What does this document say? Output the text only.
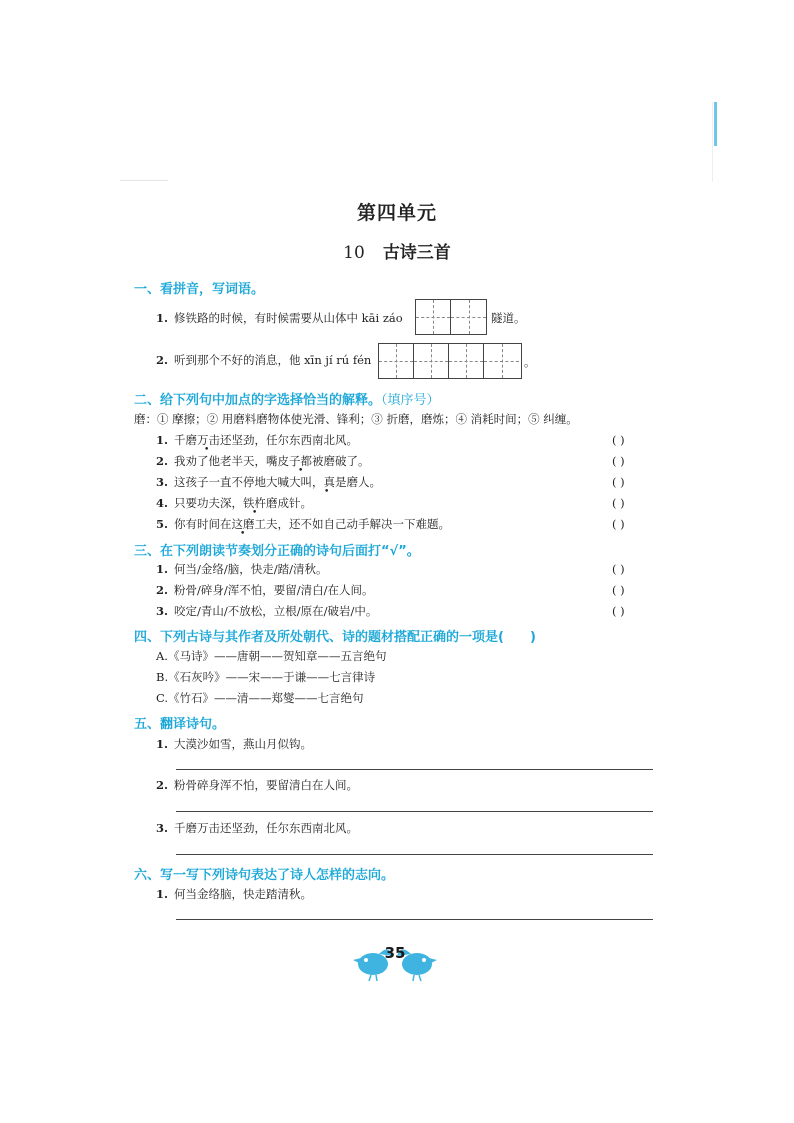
第四单元
10 古诗三首
一、看拼音，写词语。
1. 修铁路的时候，有时候需要从山体中 kāi záo	隧道。
2. 听到那个不好的消息，他 xīn jí rú fén	。
二、给下列句中加点的字选择恰当的解释。（填序号）
磨：① 摩擦；② 用磨料磨物体使光滑、锋利；③ 折磨，磨炼；④ 消耗时间；⑤ 纠缠。
1. 千磨万击还坚劲，任尔东西南北风。	( )
2. 我劝了他老半天，嘴皮子都被磨破了。	( )
3. 这孩子一直不停地大喊大叫，真是磨人。	( )
4. 只要功夫深，铁杵磨成针。	( )
5. 你有时间在这磨工夫，还不如自己动手解决一下难题。	( )
•
•
•
•
•
三、在下列朗读节奏划分正确的诗句后面打“√”。
1. 何当/金络/脑，快走/踏/清秋。	( )
2. 粉骨/碎身/浑不怕，要留/清白/在人间。	( )
3. 咬定/青山/不放松，立根/原在/破岩/中。	( )
四、下列古诗与其作者及所处朝代、诗的题材搭配正确的一项是(　　)
A.《马诗》——唐朝——贺知章——五言绝句
B.《石灰吟》——宋——于谦——七言律诗
C.《竹石》——清——郑燮——七言绝句
五、翻译诗句。
1. 大漠沙如雪，燕山月似钩。
2. 粉骨碎身浑不怕，要留清白在人间。
3. 千磨万击还坚劲，任尔东西南北风。
六、写一写下列诗句表达了诗人怎样的志向。
1. 何当金络脑，快走踏清秋。
35
